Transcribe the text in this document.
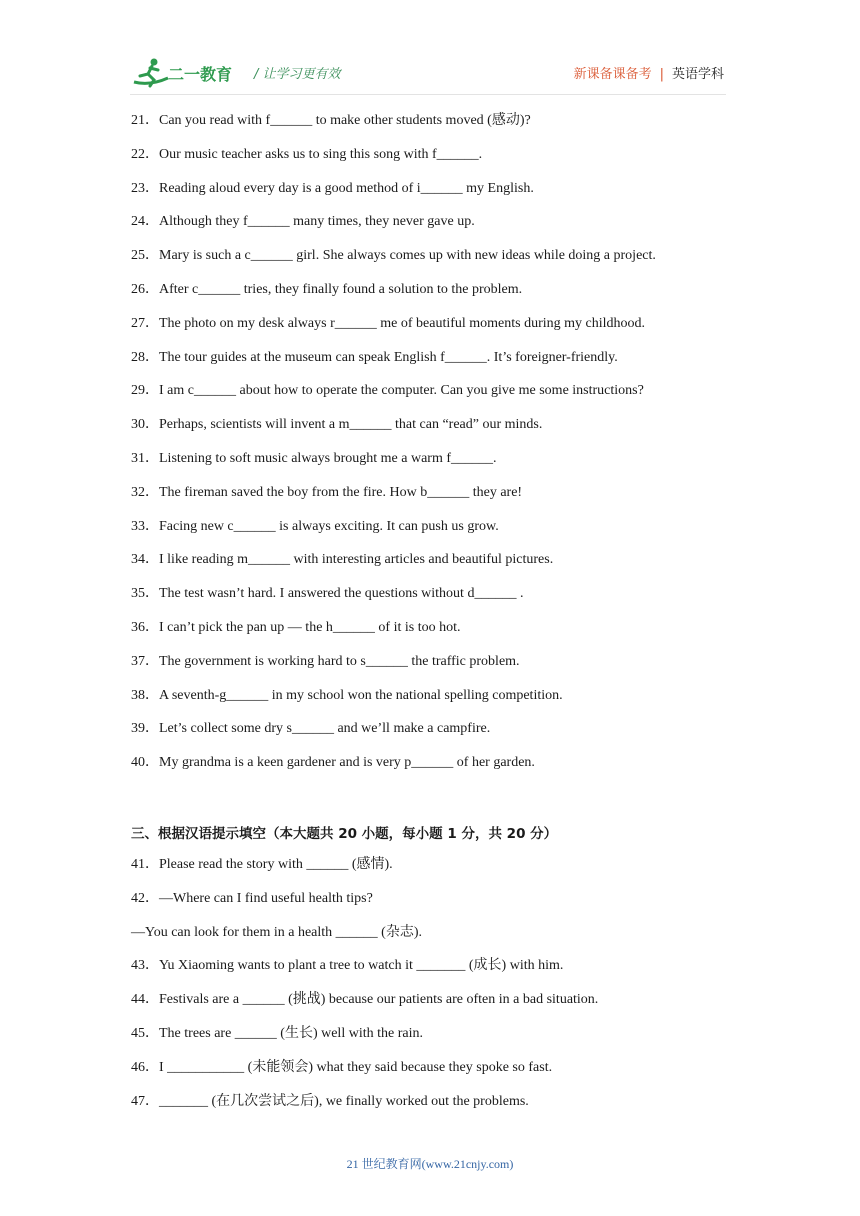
二一教育 / 让学习更有效	新课备课备考 | 英语学科
21．Can you read with f______ to make other students moved (感动)?
22．Our music teacher asks us to sing this song with f______.
23．Reading aloud every day is a good method of i______ my English.
24．Although they f______ many times, they never gave up.
25．Mary is such a c______ girl. She always comes up with new ideas while doing a project.
26．After c______ tries, they finally found a solution to the problem.
27．The photo on my desk always r______ me of beautiful moments during my childhood.
28．The tour guides at the museum can speak English f______. It’s foreigner-friendly.
29．I am c______ about how to operate the computer. Can you give me some instructions?
30．Perhaps, scientists will invent a m______ that can “read” our minds.
31．Listening to soft music always brought me a warm f______.
32．The fireman saved the boy from the fire. How b______ they are!
33．Facing new c______ is always exciting. It can push us grow.
34．I like reading m______ with interesting articles and beautiful pictures.
35．The test wasn’t hard. I answered the questions without d______ .
36．I can’t pick the pan up — the h______ of it is too hot.
37．The government is working hard to s______ the traffic problem.
38．A seventh-g______ in my school won the national spelling competition.
39．Let’s collect some dry s______ and we’ll make a campfire.
40．My grandma is a keen gardener and is very p______ of her garden.
三、根据汉语提示填空（本大题共 20 小题，每小题 1 分，共 20 分）
41．Please read the story with ______ (感情).
42．—Where can I find useful health tips?
—You can look for them in a health ______ (杂志).
43．Yu Xiaoming wants to plant a tree to watch it _______ (成长) with him.
44．Festivals are a ______ (挑战) because our patients are often in a bad situation.
45．The trees are ______ (生长) well with the rain.
46．I ___________ (未能领会) what they said because they spoke so fast.
47．_______ (在几次尝试之后), we finally worked out the problems.
21 世纪教育网(www.21cnjy.com)
